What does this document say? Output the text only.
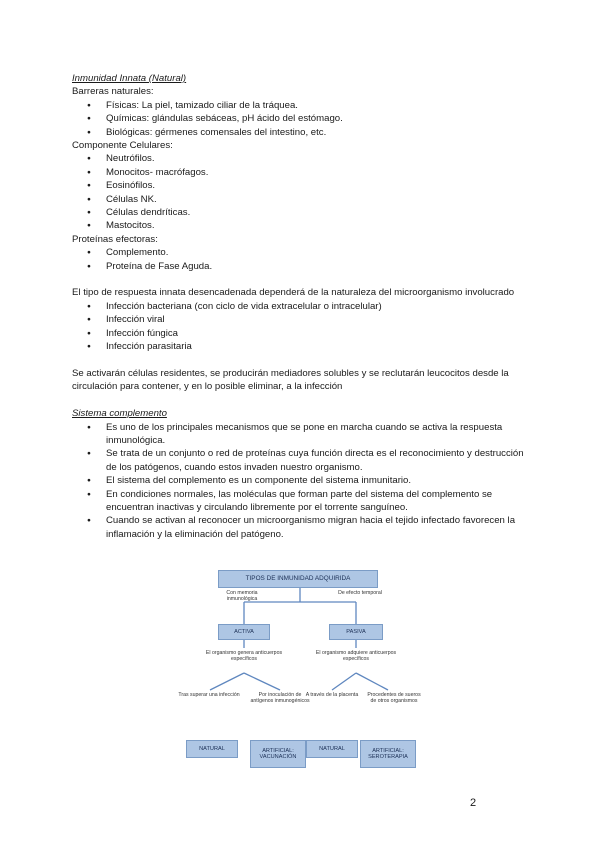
Inmunidad Innata (Natural)

Barreras naturales:

● Físicas: La piel, tamizado ciliar de la tráquea.
● Químicas: glándulas sebáceas, pH ácido del estómago.
● Biológicas: gérmenes comensales del intestino, etc.

Componente Celulares:

● Neutrófilos.
● Monocitos- macrófagos.
● Eosinófilos.
● Células NK.
● Células dendríticas.
● Mastocitos.

Proteínas efectoras:

● Complemento.
● Proteína de Fase Aguda.

El tipo de respuesta innata desencadenada dependerá de la naturaleza del microorganismo involucrado

● Infección bacteriana (con ciclo de vida extracelular o intracelular)
● Infección viral
● Infección fúngica
● Infección parasitaria

Se activarán células residentes, se producirán mediadores solubles y se reclutarán leucocitos desde la circulación para contener, y en lo posible eliminar, a la infección

Sistema complemento

● Es uno de los principales mecanismos que se pone en marcha cuando se activa la respuesta inmunológica.
● Se trata de un conjunto o red de proteínas cuya función directa es el reconocimiento y destrucción de los patógenos, cuando estos invaden nuestro organismo.
● El sistema del complemento es un componente del sistema inmunitario.
● En condiciones normales, las moléculas que forman parte del sistema del complemento se encuentran inactivas y circulando libremente por el torrente sanguíneo.
● Cuando se activan al reconocer un microorganismo migran hacia el tejido infectado favorecen la inflamación y la eliminación del patógeno.
TIPOS DE INMUNIDAD ADQUIRIDA
Con memoria inmunológica
De efecto temporal
ACTIVA	PASIVA
El organismo genera anticuerpos específicos
El organismo adquiere anticuerpos específicos
Tras superar una infección	Por inoculación de antígenos inmunogénicos
A través de la placenta	Procedentes de sueros de otros organismos
NATURAL	ARTIFICIAL: VACUNACIÓN
NATURAL	ARTIFICIAL: SEROTERAPIA
2
